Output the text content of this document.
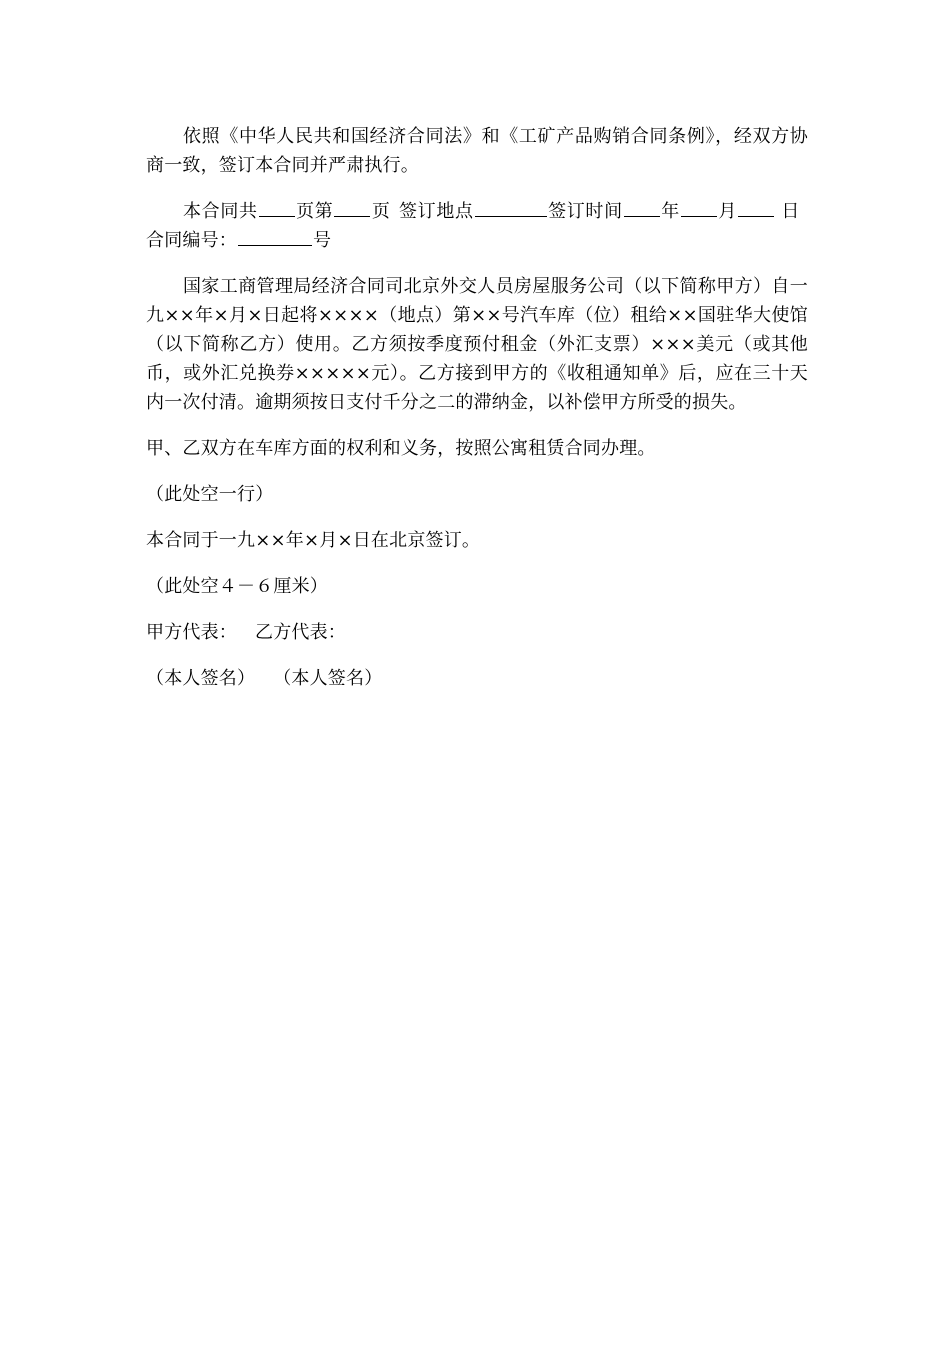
依照《中华人民共和国经济合同法》和《工矿产品购销合同条例》，经双方协商一致，签订本合同并严肃执行。

本合同共 页第 页 签订地点	签订时间 年 月 日合同编号：	号

国家工商管理局经济合同司北京外交人员房屋服务公司（以下简称甲方）自一九××年×月×日起将××××（地点）第××号汽车库（位）租给××国驻华大使馆（以下简称乙方）使用。乙方须按季度预付租金（外汇支票）×××美元（或其他币，或外汇兑换券×××××元）。乙方接到甲方的《收租通知单》后，应在三十天内一次付清。逾期须按日支付千分之二的滞纳金，以补偿甲方所受的损失。

甲、乙双方在车库方面的权利和义务，按照公寓租赁合同办理。

（此处空一行）

本合同于一九××年×月×日在北京签订。

（此处空４－６厘米）

甲方代表： 乙方代表：

（本人签名） （本人签名）
